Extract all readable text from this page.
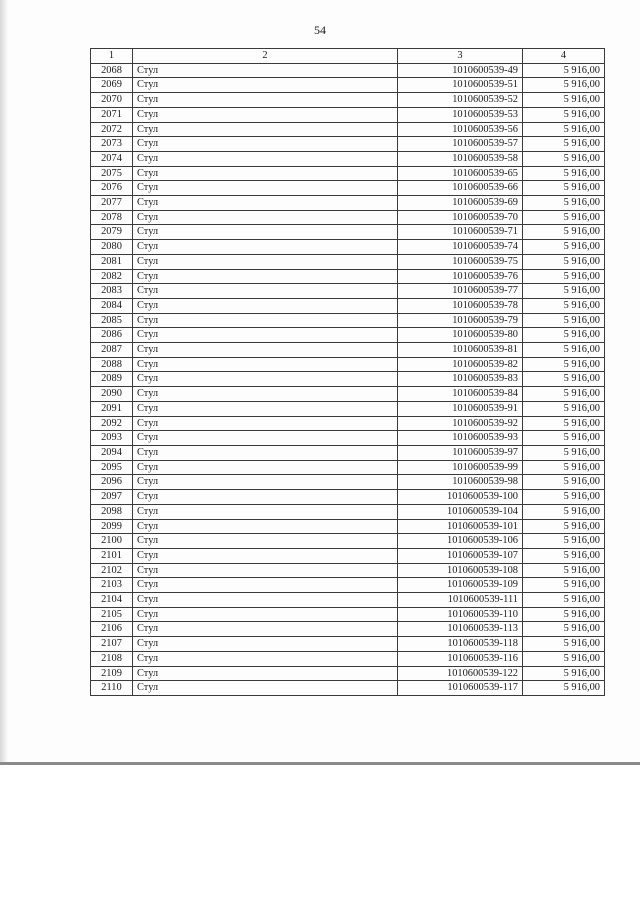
54
1	2	3	4
2068	Стул	1010600539-49	5 916,00
2069	Стул	1010600539-51	5 916,00
2070	Стул	1010600539-52	5 916,00
2071	Стул	1010600539-53	5 916,00
2072	Стул	1010600539-56	5 916,00
2073	Стул	1010600539-57	5 916,00
2074	Стул	1010600539-58	5 916,00
2075	Стул	1010600539-65	5 916,00
2076	Стул	1010600539-66	5 916,00
2077	Стул	1010600539-69	5 916,00
2078	Стул	1010600539-70	5 916,00
2079	Стул	1010600539-71	5 916,00
2080	Стул	1010600539-74	5 916,00
2081	Стул	1010600539-75	5 916,00
2082	Стул	1010600539-76	5 916,00
2083	Стул	1010600539-77	5 916,00
2084	Стул	1010600539-78	5 916,00
2085	Стул	1010600539-79	5 916,00
2086	Стул	1010600539-80	5 916,00
2087	Стул	1010600539-81	5 916,00
2088	Стул	1010600539-82	5 916,00
2089	Стул	1010600539-83	5 916,00
2090	Стул	1010600539-84	5 916,00
2091	Стул	1010600539-91	5 916,00
2092	Стул	1010600539-92	5 916,00
2093	Стул	1010600539-93	5 916,00
2094	Стул	1010600539-97	5 916,00
2095	Стул	1010600539-99	5 916,00
2096	Стул	1010600539-98	5 916,00
2097	Стул	1010600539-100	5 916,00
2098	Стул	1010600539-104	5 916,00
2099	Стул	1010600539-101	5 916,00
2100	Стул	1010600539-106	5 916,00
2101	Стул	1010600539-107	5 916,00
2102	Стул	1010600539-108	5 916,00
2103	Стул	1010600539-109	5 916,00
2104	Стул	1010600539-111	5 916,00
2105	Стул	1010600539-110	5 916,00
2106	Стул	1010600539-113	5 916,00
2107	Стул	1010600539-118	5 916,00
2108	Стул	1010600539-116	5 916,00
2109	Стул	1010600539-122	5 916,00
2110	Стул	1010600539-117	5 916,00
